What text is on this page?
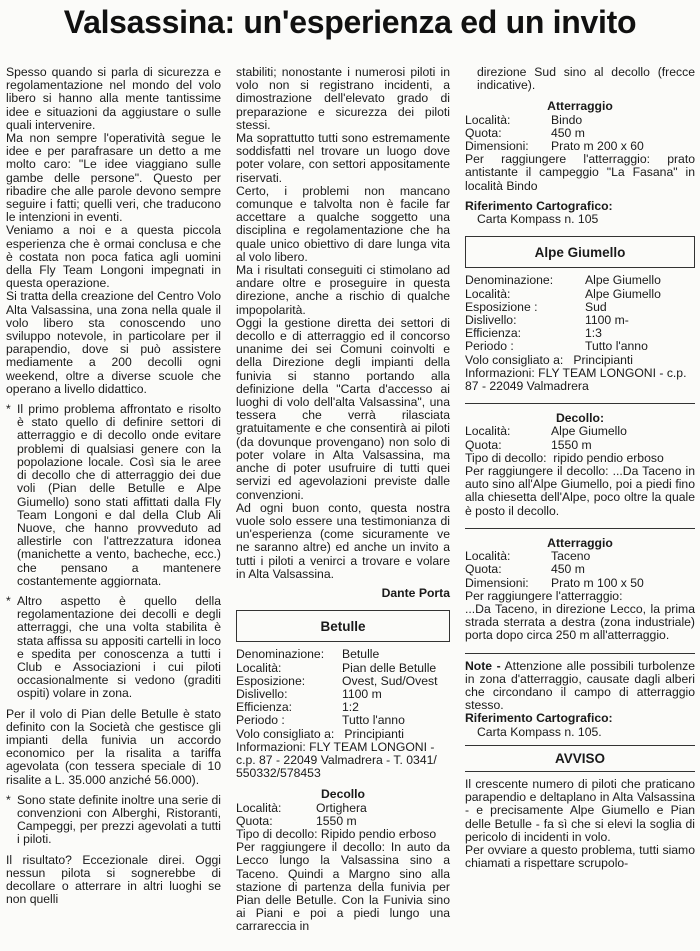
Valsassina: un'esperienza ed un invito

Spesso quando si parla di sicurezza e regolamentazione nel mondo del volo libero si hanno alla mente tantissime idee e situazioni da aggiustare o sulle quali intervenire.

Ma non sempre l'operatività segue le idee e per parafrasare un detto a me molto caro: "Le idee viaggiano sulle gambe delle persone". Questo per ribadire che alle parole devono sempre seguire i fatti; quelli veri, che traducono le intenzioni in eventi.

Veniamo a noi e a questa piccola esperienza che è ormai conclusa e che è costata non poca fatica agli uomini della Fly Team Longoni impegnati in questa operazione.

Si tratta della creazione del Centro Volo Alta Valsassina, una zona nella quale il volo libero sta conoscendo uno sviluppo notevole, in particolare per il parapendio, dove si può assistere mediamente a 200 decolli ogni weekend, oltre a diverse scuole che operano a livello didattico.

* Il primo problema affrontato e risolto è stato quello di definire settori di atterraggio e di decollo onde evitare problemi di qualsiasi genere con la popolazione locale. Così sia le aree di decollo che di atterraggio dei due voli (Pian delle Betulle e Alpe Giumello) sono stati affittati dalla Fly Team Longoni e dal della Club Ali Nuove, che hanno provveduto ad allestirle con l'attrezzatura idonea (manichette a vento, bacheche, ecc.) che pensano a mantenere costantemente aggiornata.
* Altro aspetto è quello della regolamentazione dei decolli e degli atterraggi, che una volta stabilita è stata affissa su appositi cartelli in loco e spedita per conoscenza a tutti i Club e Associazioni i cui piloti occasionalmente si vedono (graditi ospiti) volare in zona.

Per il volo di Pian delle Betulle è stato definito con la Società che gestisce gli impianti della funivia un accordo economico per la risalita a tariffa agevolata (con tessera speciale di 10 risalite a L. 35.000 anziché 56.000).

* Sono state definite inoltre una serie di convenzioni con Alberghi, Ristoranti, Campeggi, per prezzi agevolati a tutti i piloti.

Il risultato? Eccezionale direi. Oggi nessun pilota si sognerebbe di decollare o atterrare in altri luoghi se non quelli

stabiliti; nonostante i numerosi piloti in volo non si registrano incidenti, a dimostrazione dell'elevato grado di preparazione e sicurezza dei piloti stessi.

Ma soprattutto tutti sono estremamente soddisfatti nel trovare un luogo dove poter volare, con settori appositamente riservati.

Certo, i problemi non mancano comunque e talvolta non è facile far accettare a qualche soggetto una disciplina e regolamentazione che ha quale unico obiettivo di dare lunga vita al volo libero.

Ma i risultati conseguiti ci stimolano ad andare oltre e proseguire in questa direzione, anche a rischio di qualche impopolarità.

Oggi la gestione diretta dei settori di decollo e di atterraggio ed il concorso unanime dei sei Comuni coinvolti e della Direzione degli impianti della funivia si stanno portando alla definizione della "Carta d'accesso ai luoghi di volo dell'alta Valsassina", una tessera che verrà rilasciata gratuitamente e che consentirà ai piloti (da dovunque provengano) non solo di poter volare in Alta Valsassina, ma anche di poter usufruire di tutti quei servizi ed agevolazioni previste dalle convenzioni.

Ad ogni buon conto, questa nostra vuole solo essere una testimonianza di un'esperienza (come sicuramente ve ne saranno altre) ed anche un invito a tutti i piloti a venirci a trovare e volare in Alta Valsassina.

Dante Porta
Betulle
Denominazione:	Betulle
Località:	Pian delle Betulle
Esposizione:	Ovest, Sud/Ovest
Dislivello:	1100 m
Efficienza:	1:2
Periodo :	Tutto l'anno
Volo consigliato a:   Principianti
Informazioni: FLY TEAM LONGONI - c.p. 87 - 22049 Valmadrera - T. 0341/ 550332/578453
Decollo
Località:	Ortighera
Quota:	1550 m

Tipo di decollo: Ripido pendio erboso

Per raggiungere il decollo: In auto da Lecco lungo la Valsassina sino a Taceno. Quindi a Margno sino alla stazione di partenza della funivia per Pian delle Betulle. Con la Funivia sino ai Piani e poi a piedi lungo una carrareccia in

direzione Sud sino al decollo (frecce indicative).

Atterraggio
Località:	Bindo
Quota:	450 m
Dimensioni:	Prato m 200 x 60

Per raggiungere l'atterraggio: prato antistante il campeggio "La Fasana" in località Bindo

Riferimento Cartografico:
Carta Kompass n. 105
Alpe Giumello
Denominazione:	Alpe Giumello
Località:	Alpe Giumello
Esposizione :	Sud
Dislivello:	1100 m-
Efficienza:	1:3
Periodo :	Tutto l'anno
Volo consigliato a:   Principianti
Informazioni: FLY TEAM LONGONI - c.p. 87 - 22049 Valmadrera
Decollo:
Località:	Alpe Giumello
Quota:	1550 m
Tipo di decollo:  ripido pendio erboso

Per raggiungere il decollo: ...Da Taceno in auto sino all'Alpe Giumello, poi a piedi fino alla chiesetta dell'Alpe, poco oltre la quale è posto il decollo.

Atterraggio
Località:	Taceno
Quota:	450 m
Dimensioni:	Prato m 100 x 50
Per raggiungere l'atterraggio:

...Da Taceno, in direzione Lecco, la prima strada sterrata a destra (zona industriale) porta dopo circa 250 m all'atterraggio.

Note - Attenzione alle possibili turbolenze in zona d'atterraggio, causate dagli alberi che circondano il campo di atterraggio stesso.

Riferimento Cartografico:
Carta Kompass n. 105.
AVVISO

Il crescente numero di piloti che praticano parapendio e deltaplano in Alta Valsassina - e precisamente Alpe Giumello e Pian delle Betulle - fa sì che si elevi la soglia di pericolo di incidenti in volo.

Per ovviare a questo problema, tutti siamo chiamati a rispettare scrupolo-
